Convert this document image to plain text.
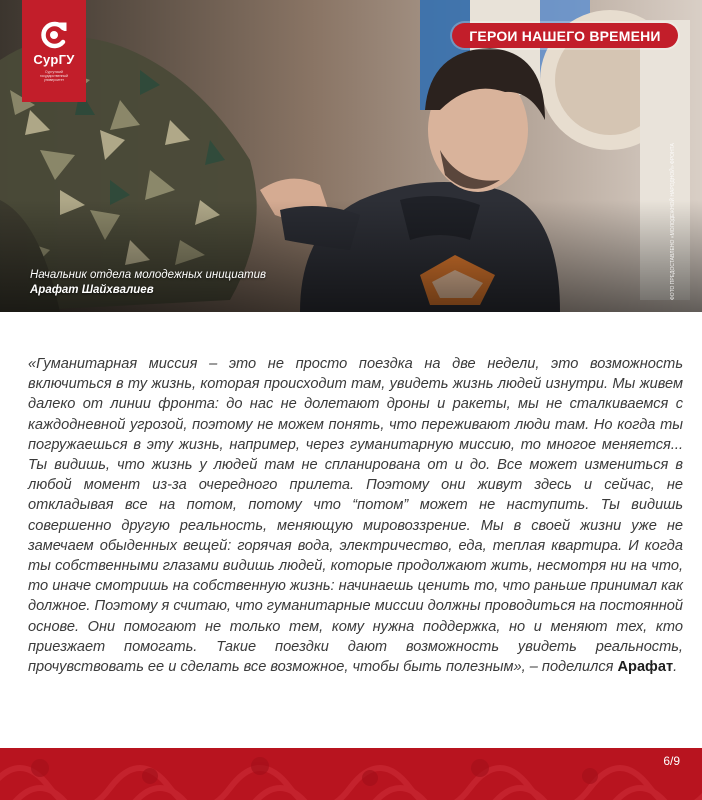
СурГУ
Сургутский государственный университет
ГЕРОИ НАШЕГО ВРЕМЕНИ
Начальник отдела молодежных инициатив
Арафат Шайхвалиев	ФОТО ПРЕДОСТАВЛЕНО «МОЛОДЕЖНОЙ НАРОДНОЙ» ФРОНТА
«Гуманитарная миссия – это не просто поездка на две недели, это возможность включиться в ту жизнь, которая происходит там, увидеть жизнь людей изнутри. Мы живем далеко от линии фронта: до нас не долетают дроны и ракеты, мы не сталкиваемся с каждодневной угрозой, поэтому не можем понять, что переживают люди там. Но когда ты погружаешься в эту жизнь, например, через гуманитарную миссию, то многое меняется... Ты видишь, что жизнь у людей там не спланирована от и до. Все может измениться в любой момент из-за очередного прилета. Поэтому они живут здесь и сейчас, не откладывая все на потом, потому что “потом” может не наступить. Ты видишь совершенно другую реальность, меняющую мировоззрение. Мы в своей жизни уже не замечаем обыденных вещей: горячая вода, электричество, еда, теплая квартира. И когда ты собственными глазами видишь людей, которые продолжают жить, несмотря ни на что, то иначе смотришь на собственную жизнь: начинаешь ценить то, что раньше принимал как должное. Поэтому я считаю, что гуманитарные миссии должны проводиться на постоянной основе. Они помогают не только тем, кому нужна поддержка, но и меняют тех, кто приезжает помогать. Такие поездки дают возможность увидеть реальность, прочувствовать ее и сделать все возможное, чтобы быть полезным», – поделился Арафат.
6/9
